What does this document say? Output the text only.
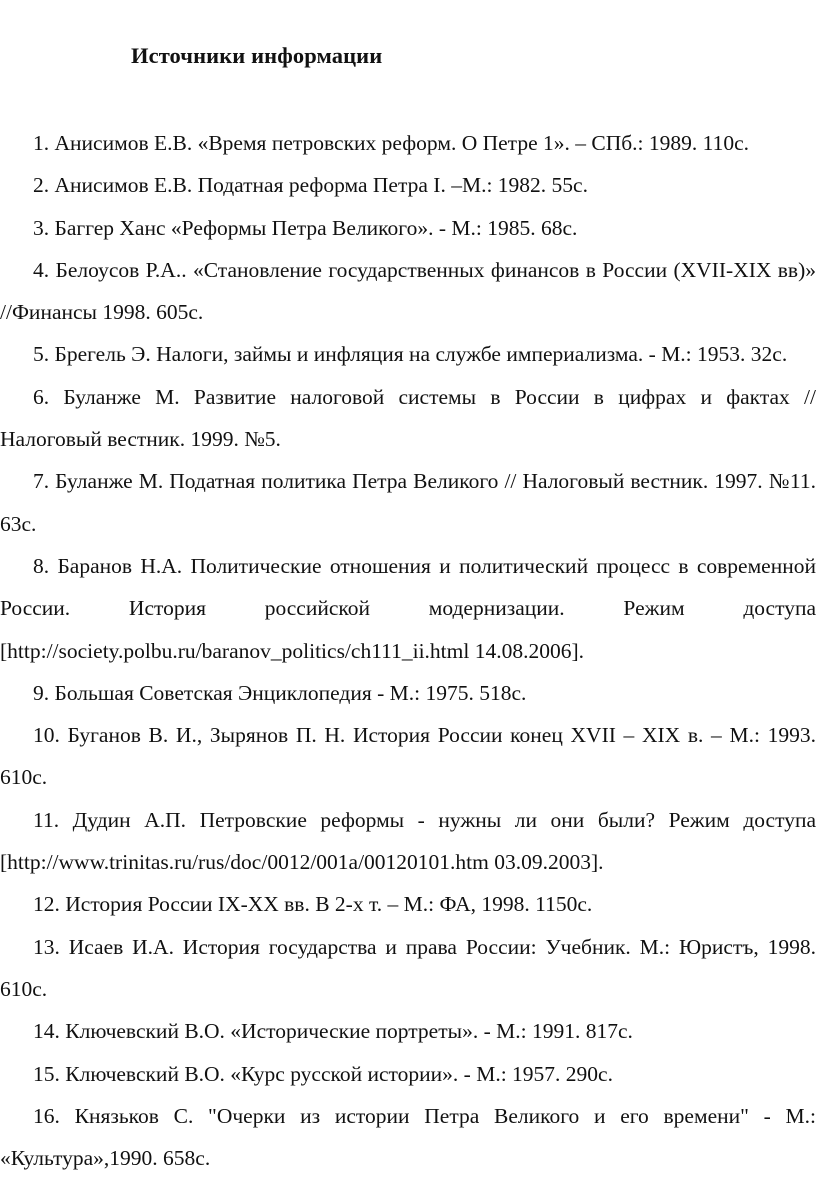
Источники информации
1. Анисимов Е.В. «Время петровских реформ. О Петре 1». – СПб.: 1989. 110с.
2. Анисимов Е.В. Податная реформа Петра I. –М.: 1982. 55с.
3. Баггер Ханс «Реформы Петра Великого». - М.: 1985. 68с.
4. Белоусов Р.А.. «Становление государственных финансов в России (XVII-XIX вв)» //Финансы 1998. 605с.
5. Брегель Э. Налоги, займы и инфляция на службе империализма. - М.: 1953. 32с.
6. Буланже М. Развитие налоговой системы в России в цифрах и фактах // Налоговый вестник. 1999. №5.
7. Буланже М. Податная политика Петра Великого // Налоговый вестник. 1997. №11. 63с.
8. Баранов Н.А. Политические отношения и политический процесс в современной России. История российской модернизации. Режим доступа [http://society.polbu.ru/baranov_politics/ch111_ii.html 14.08.2006].
9. Большая Советская Энциклопедия - М.: 1975. 518с.
10. Буганов В. И., Зырянов П. Н. История России конец XVII – XIX в. – М.: 1993. 610с.
11. Дудин А.П. Петровские реформы - нужны ли они были? Режим доступа [http://www.trinitas.ru/rus/doc/0012/001a/00120101.htm 03.09.2003].
12. История России IX-XX вв. В 2-х т. – М.: ФА, 1998. 1150с.
13. Исаев И.А. История государства и права России: Учебник. М.: Юристъ, 1998. 610с.
14. Ключевский В.О. «Исторические портреты». - М.: 1991. 817с.
15. Ключевский В.О. «Курс русской истории». - М.: 1957. 290с.
16. Князьков С. "Очерки из истории Петра Великого и его времени" - М.: «Культура»,1990. 658с.
